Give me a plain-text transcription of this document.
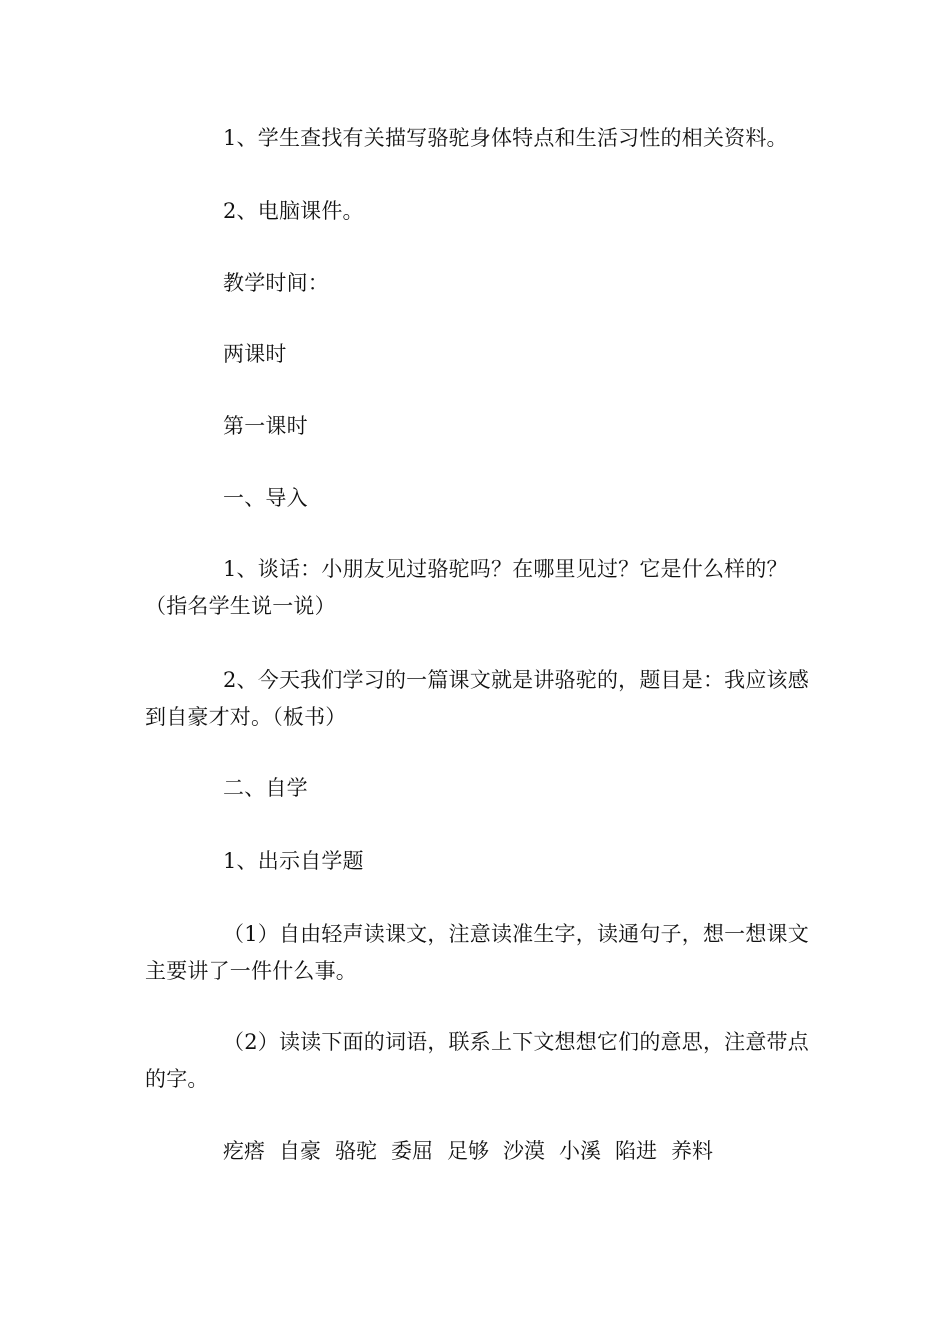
1、学生查找有关描写骆驼身体特点和生活习性的相关资料。

2、电脑课件。

教学时间：

两课时

第一课时

一、导入

1、谈话：小朋友见过骆驼吗？在哪里见过？它是什么样的？（指名学生说一说）

2、今天我们学习的一篇课文就是讲骆驼的，题目是：我应该感到自豪才对。（板书）

二、自学

1、出示自学题

（1）自由轻声读课文，注意读准生字，读通句子，想一想课文主要讲了一件什么事。

（2）读读下面的词语，联系上下文想想它们的意思，注意带点的字。

疙瘩 自豪 骆驼 委屈 足够 沙漠 小溪 陷进 养料
